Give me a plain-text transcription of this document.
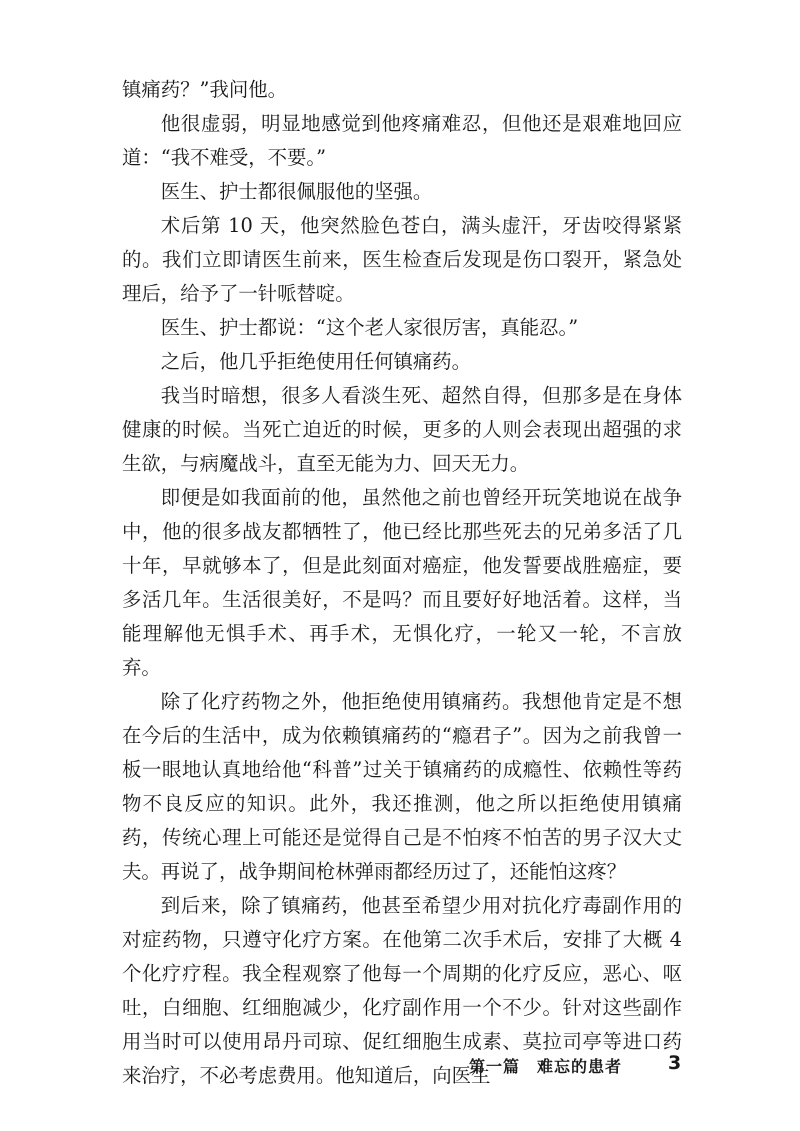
镇痛药？”我问他。

他很虚弱，明显地感觉到他疼痛难忍，但他还是艰难地回应道：“我不难受，不要。”

医生、护士都很佩服他的坚强。

术后第 10 天，他突然脸色苍白，满头虚汗，牙齿咬得紧紧的。我们立即请医生前来，医生检查后发现是伤口裂开，紧急处理后，给予了一针哌替啶。

医生、护士都说：“这个老人家很厉害，真能忍。”

之后，他几乎拒绝使用任何镇痛药。

我当时暗想，很多人看淡生死、超然自得，但那多是在身体健康的时候。当死亡迫近的时候，更多的人则会表现出超强的求生欲，与病魔战斗，直至无能为力、回天无力。

即便是如我面前的他，虽然他之前也曾经开玩笑地说在战争中，他的很多战友都牺牲了，他已经比那些死去的兄弟多活了几十年，早就够本了，但是此刻面对癌症，他发誓要战胜癌症，要多活几年。生活很美好，不是吗？而且要好好地活着。这样，当能理解他无惧手术、再手术，无惧化疗，一轮又一轮，不言放弃。

除了化疗药物之外，他拒绝使用镇痛药。我想他肯定是不想在今后的生活中，成为依赖镇痛药的“瘾君子”。因为之前我曾一板一眼地认真地给他“科普”过关于镇痛药的成瘾性、依赖性等药物不良反应的知识。此外，我还推测，他之所以拒绝使用镇痛药，传统心理上可能还是觉得自己是不怕疼不怕苦的男子汉大丈夫。再说了，战争期间枪林弹雨都经历过了，还能怕这疼？

到后来，除了镇痛药，他甚至希望少用对抗化疗毒副作用的对症药物，只遵守化疗方案。在他第二次手术后，安排了大概 4 个化疗疗程。我全程观察了他每一个周期的化疗反应，恶心、呕吐，白细胞、红细胞减少，化疗副作用一个不少。针对这些副作用当时可以使用昂丹司琼、促红细胞生成素、莫拉司亭等进口药来治疗，不必考虑费用。他知道后，向医生

第一篇　难忘的患者 3
